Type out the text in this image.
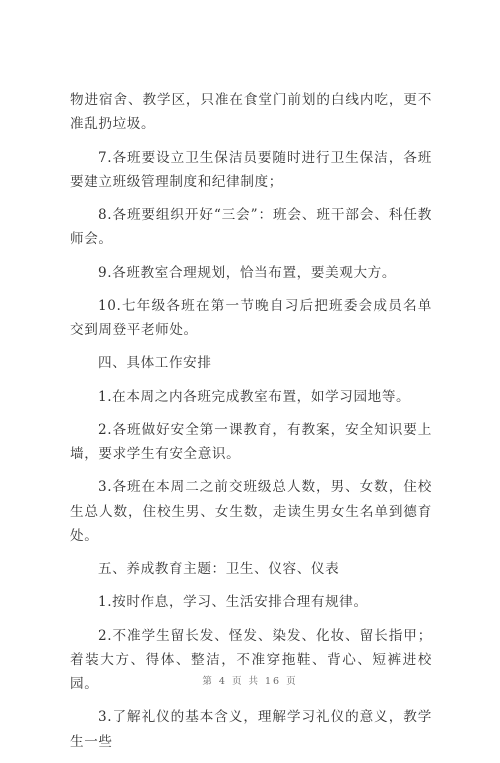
物进宿舍、教学区，只准在食堂门前划的白线内吃，更不准乱扔垃圾。

7.各班要设立卫生保洁员要随时进行卫生保洁，各班要建立班级管理制度和纪律制度；

8.各班要组织开好“三会”：班会、班干部会、科任教师会。

9.各班教室合理规划，恰当布置，要美观大方。

10.七年级各班在第一节晚自习后把班委会成员名单交到周登平老师处。

四、具体工作安排

1.在本周之内各班完成教室布置，如学习园地等。

2.各班做好安全第一课教育，有教案，安全知识要上墙，要求学生有安全意识。

3.各班在本周二之前交班级总人数，男、女数，住校生总人数，住校生男、女生数，走读生男女生名单到德育处。

五、养成教育主题：卫生、仪容、仪表

1.按时作息，学习、生活安排合理有规律。

2.不准学生留长发、怪发、染发、化妆、留长指甲；着装大方、得体、整洁，不准穿拖鞋、背心、短裤进校园。

3.了解礼仪的基本含义，理解学习礼仪的意义，教学生一些

第 4 页 共 16 页
